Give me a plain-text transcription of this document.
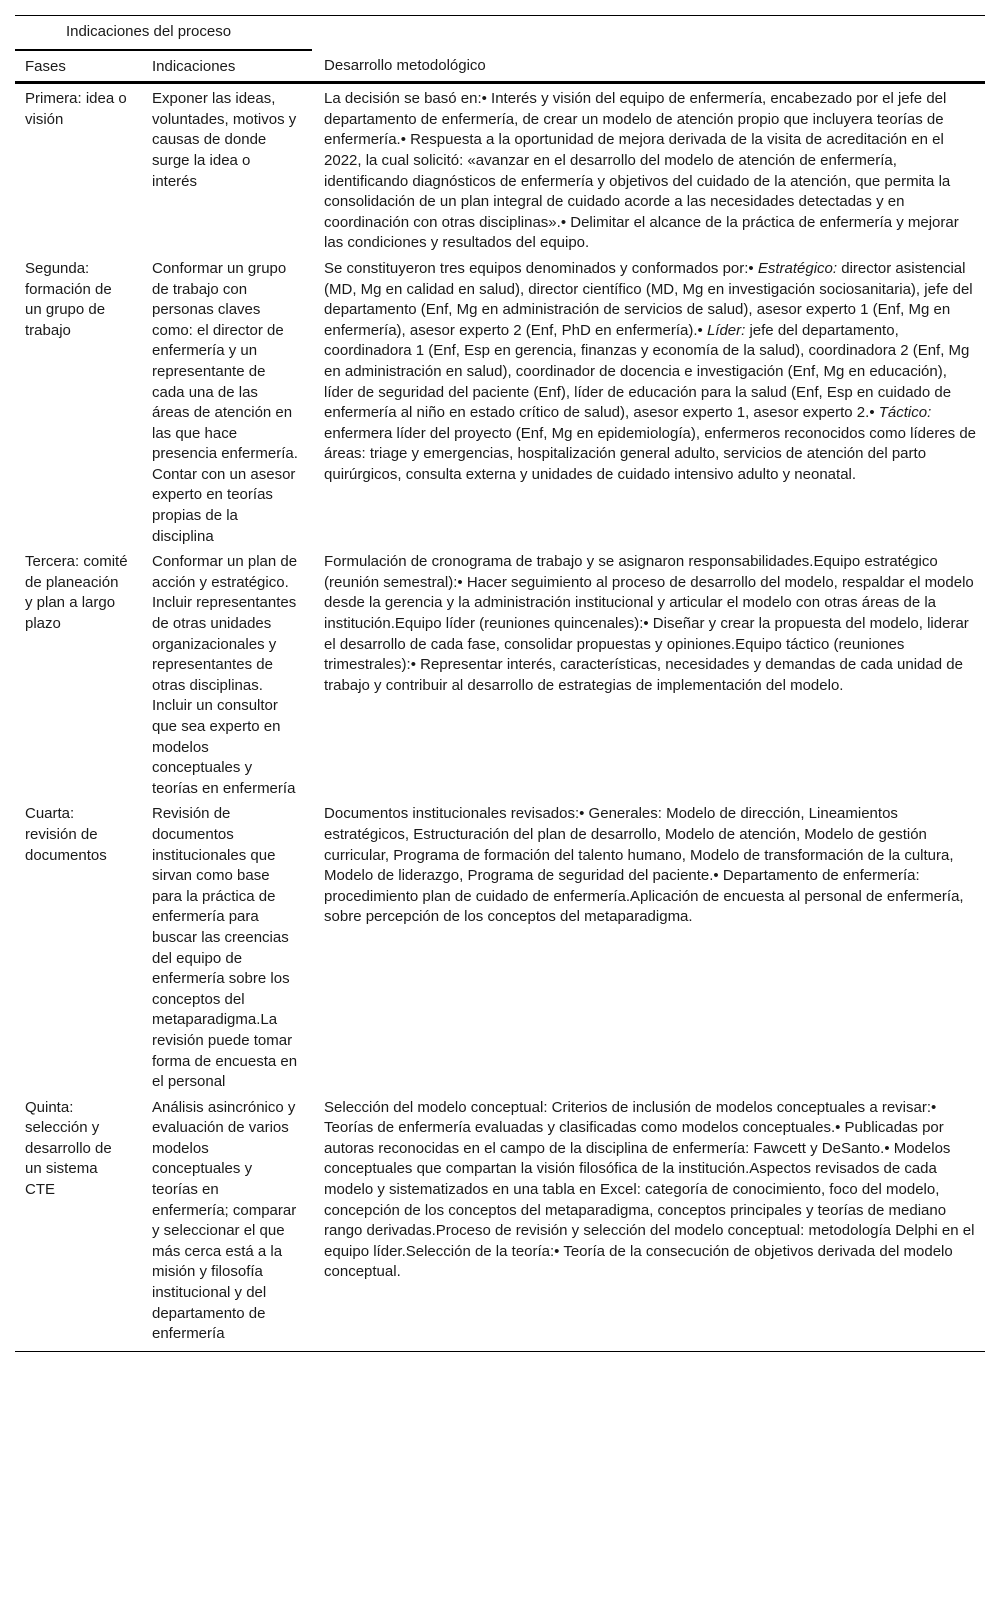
Indicaciones del proceso		
Fases	Indicaciones	Desarrollo metodológico
Primera: idea o visión	Exponer las ideas, voluntades, motivos y causas de donde surge la idea o interés	La decisión se basó en:• Interés y visión del equipo de enfermería, encabezado por el jefe del departamento de enfermería, de crear un modelo de atención propio que incluyera teorías de enfermería.• Respuesta a la oportunidad de mejora derivada de la visita de acreditación en el 2022, la cual solicitó: «avanzar en el desarrollo del modelo de atención de enfermería, identificando diagnósticos de enfermería y objetivos del cuidado de la atención, que permita la consolidación de un plan integral de cuidado acorde a las necesidades detectadas y en coordinación con otras disciplinas».• Delimitar el alcance de la práctica de enfermería y mejorar las condiciones y resultados del equipo.
Segunda: formación de un grupo de trabajo	Conformar un grupo de trabajo con personas claves como: el director de enfermería y un representante de cada una de las áreas de atención en las que hace presencia enfermería. Contar con un asesor experto en teorías propias de la disciplina	Se constituyeron tres equipos denominados y conformados por:• Estratégico: director asistencial (MD, Mg en calidad en salud), director científico (MD, Mg en investigación sociosanitaria), jefe del departamento (Enf, Mg en administración de servicios de salud), asesor experto 1 (Enf, Mg en enfermería), asesor experto 2 (Enf, PhD en enfermería).• Líder: jefe del departamento, coordinadora 1 (Enf, Esp en gerencia, finanzas y economía de la salud), coordinadora 2 (Enf, Mg en administración en salud), coordinador de docencia e investigación (Enf, Mg en educación), líder de seguridad del paciente (Enf), líder de educación para la salud (Enf, Esp en cuidado de enfermería al niño en estado crítico de salud), asesor experto 1, asesor experto 2.• Táctico: enfermera líder del proyecto (Enf, Mg en epidemiología), enfermeros reconocidos como líderes de áreas: triage y emergencias, hospitalización general adulto, servicios de atención del parto quirúrgicos, consulta externa y unidades de cuidado intensivo adulto y neonatal.
Tercera: comité de planeación y plan a largo plazo	Conformar un plan de acción y estratégico. Incluir representantes de otras unidades organizacionales y representantes de otras disciplinas. Incluir un consultor que sea experto en modelos conceptuales y teorías en enfermería	Formulación de cronograma de trabajo y se asignaron responsabilidades.Equipo estratégico (reunión semestral):• Hacer seguimiento al proceso de desarrollo del modelo, respaldar el modelo desde la gerencia y la administración institucional y articular el modelo con otras áreas de la institución.Equipo líder (reuniones quincenales):• Diseñar y crear la propuesta del modelo, liderar el desarrollo de cada fase, consolidar propuestas y opiniones.Equipo táctico (reuniones trimestrales):• Representar interés, características, necesidades y demandas de cada unidad de trabajo y contribuir al desarrollo de estrategias de implementación del modelo.
Cuarta: revisión de documentos	Revisión de documentos institucionales que sirvan como base para la práctica de enfermería para buscar las creencias del equipo de enfermería sobre los conceptos del metaparadigma.La revisión puede tomar forma de encuesta en el personal	Documentos institucionales revisados:• Generales: Modelo de dirección, Lineamientos estratégicos, Estructuración del plan de desarrollo, Modelo de atención, Modelo de gestión curricular, Programa de formación del talento humano, Modelo de transformación de la cultura, Modelo de liderazgo, Programa de seguridad del paciente.• Departamento de enfermería: procedimiento plan de cuidado de enfermería.Aplicación de encuesta al personal de enfermería, sobre percepción de los conceptos del metaparadigma.
Quinta: selección y desarrollo de un sistema CTE	Análisis asincrónico y evaluación de varios modelos conceptuales y teorías en enfermería; comparar y seleccionar el que más cerca está a la misión y filosofía institucional y del departamento de enfermería	Selección del modelo conceptual: Criterios de inclusión de modelos conceptuales a revisar:• Teorías de enfermería evaluadas y clasificadas como modelos conceptuales.• Publicadas por autoras reconocidas en el campo de la disciplina de enfermería: Fawcett y DeSanto.• Modelos conceptuales que compartan la visión filosófica de la institución.Aspectos revisados de cada modelo y sistematizados en una tabla en Excel: categoría de conocimiento, foco del modelo, concepción de los conceptos del metaparadigma, conceptos principales y teorías de mediano rango derivadas.Proceso de revisión y selección del modelo conceptual: metodología Delphi en el equipo líder.Selección de la teoría:• Teoría de la consecución de objetivos derivada del modelo conceptual.
